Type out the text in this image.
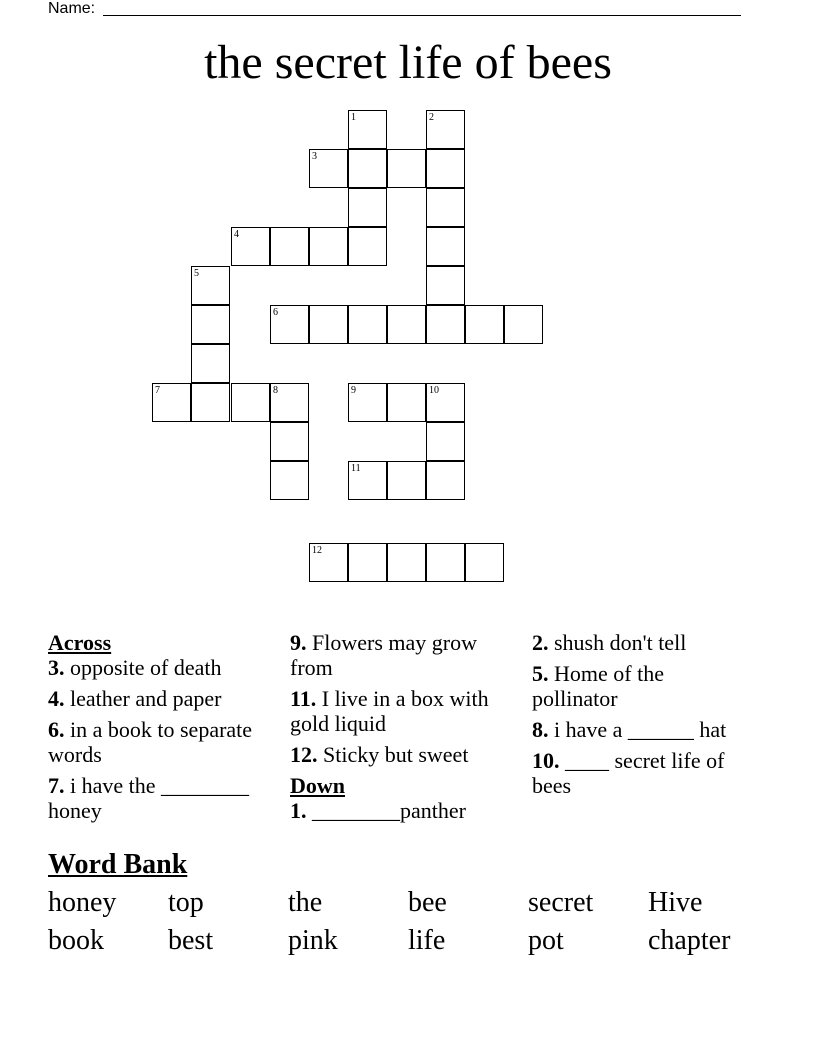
Name:
the secret life of bees
1	2
3
4
5
6
7	8	9	10
11
12
Across
3. opposite of death
4. leather and paper
6. in a book to separate words
7. i have the ________ honey
9. Flowers may grow from
11. I live in a box with gold liquid
12. Sticky but sweet
Down
1. ________panther
2. shush don't tell
5. Home of the pollinator
8. i have a ______ hat
10. ____ secret life of bees
Word Bank
honey top	the	bee	secret Hive
book best	pink	life	pot	chapter
